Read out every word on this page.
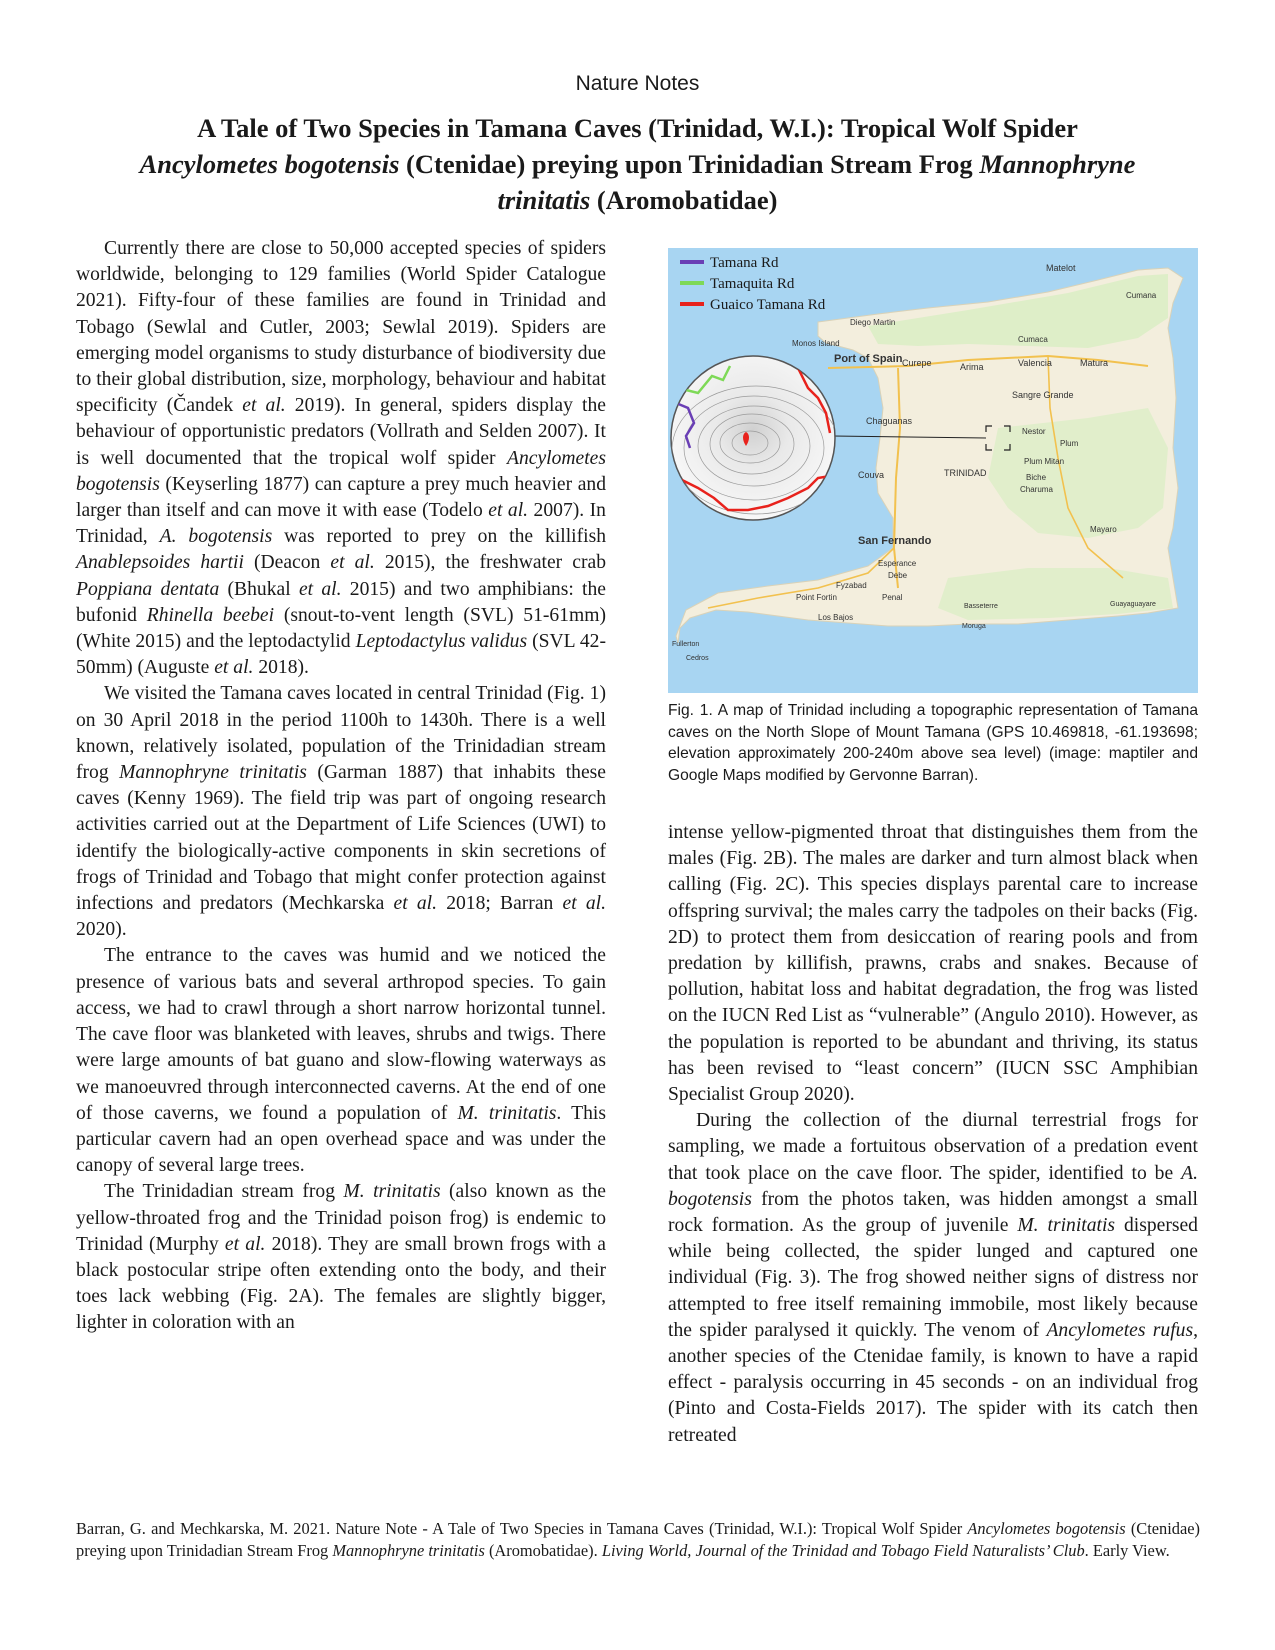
Nature Notes
A Tale of Two Species in Tamana Caves (Trinidad, W.I.): Tropical Wolf Spider
Ancylometes bogotensis (Ctenidae) preying upon Trinidadian Stream Frog Mannophryne
trinitatis (Aromobatidae)

Currently there are close to 50,000 accepted species of spiders worldwide, belonging to 129 families (World Spider Catalogue 2021). Fifty-four of these families are found in Trinidad and Tobago (Sewlal and Cutler, 2003; Sewlal 2019). Spiders are emerging model organisms to study disturbance of biodiversity due to their global distribution, size, morphology, behaviour and habitat specificity (Čandek et al. 2019). In general, spiders display the behaviour of opportunistic predators (Vollrath and Selden 2007). It is well documented that the tropical wolf spider Ancylometes bogotensis (Keyserling 1877) can capture a prey much heavier and larger than itself and can move it with ease (Todelo et al. 2007). In Trinidad, A. bogotensis was reported to prey on the killifish Anablepsoides hartii (Deacon et al. 2015), the freshwater crab Poppiana dentata (Bhukal et al. 2015) and two amphibians: the bufonid Rhinella beebei (snout-to-vent length (SVL) 51-61mm) (White 2015) and the leptodactylid Leptodactylus validus (SVL 42-50mm) (Auguste et al. 2018).

We visited the Tamana caves located in central Trinidad (Fig. 1) on 30 April 2018 in the period 1100h to 1430h. There is a well known, relatively isolated, population of the Trinidadian stream frog Mannophryne trinitatis (Garman 1887) that inhabits these caves (Kenny 1969). The field trip was part of ongoing research activities carried out at the Department of Life Sciences (UWI) to identify the biologically-active components in skin secretions of frogs of Trinidad and Tobago that might confer protection against infections and predators (Mechkarska et al. 2018; Barran et al. 2020).

The entrance to the caves was humid and we noticed the presence of various bats and several arthropod species. To gain access, we had to crawl through a short narrow horizontal tunnel. The cave floor was blanketed with leaves, shrubs and twigs. There were large amounts of bat guano and slow-flowing waterways as we manoeuvred through interconnected caverns. At the end of one of those caverns, we found a population of M. trinitatis. This particular cavern had an open overhead space and was under the canopy of several large trees.

The Trinidadian stream frog M. trinitatis (also known as the yellow-throated frog and the Trinidad poison frog) is endemic to Trinidad (Murphy et al. 2018). They are small brown frogs with a black postocular stripe often extending onto the body, and their toes lack webbing (Fig. 2A). The females are slightly bigger, lighter in coloration with an

Tamana Rd
Tamaquita Rd
Guaico Tamana Rd
Matelot
Cumana
Diego Martin
Monos Island
Port of Spain Curepe	Arima	Valencia	Matura
Cumaca
Sangre Grande
Chaguanas
Nestor
Plum
Plum Mitan
Biche
Charuma
Couva	TRINIDAD
Mayaro
San Fernando
Esperance
Debe
Penal
Point Fortin
Fyzabad
Los Bajos
Basseterre
Moruga
Guayaguayare
Fullerton
Cedros
Fig. 1. A map of Trinidad including a topographic representation of Tamana caves on the North Slope of Mount Tamana (GPS 10.469818, -61.193698; elevation approximately 200-240m above sea level) (image: maptiler and Google Maps modified by Gervonne Barran).

intense yellow-pigmented throat that distinguishes them from the males (Fig. 2B). The males are darker and turn almost black when calling (Fig. 2C). This species displays parental care to increase offspring survival; the males carry the tadpoles on their backs (Fig. 2D) to protect them from desiccation of rearing pools and from predation by killifish, prawns, crabs and snakes. Because of pollution, habitat loss and habitat degradation, the frog was listed on the IUCN Red List as “vulnerable” (Angulo 2010). However, as the population is reported to be abundant and thriving, its status has been revised to “least concern” (IUCN SSC Amphibian Specialist Group 2020).

During the collection of the diurnal terrestrial frogs for sampling, we made a fortuitous observation of a predation event that took place on the cave floor. The spider, identified to be A. bogotensis from the photos taken, was hidden amongst a small rock formation. As the group of juvenile M. trinitatis dispersed while being collected, the spider lunged and captured one individual (Fig. 3). The frog showed neither signs of distress nor attempted to free itself remaining immobile, most likely because the spider paralysed it quickly. The venom of Ancylometes rufus, another species of the Ctenidae family, is known to have a rapid effect - paralysis occurring in 45 seconds - on an individual frog (Pinto and Costa-Fields 2017). The spider with its catch then retreated

Barran, G. and Mechkarska, M. 2021. Nature Note - A Tale of Two Species in Tamana Caves (Trinidad, W.I.): Tropical Wolf Spider Ancylometes bogotensis (Ctenidae) preying upon Trinidadian Stream Frog Mannophryne trinitatis (Aromobatidae). Living World, Journal of the Trinidad and Tobago Field Naturalists’ Club. Early View.
